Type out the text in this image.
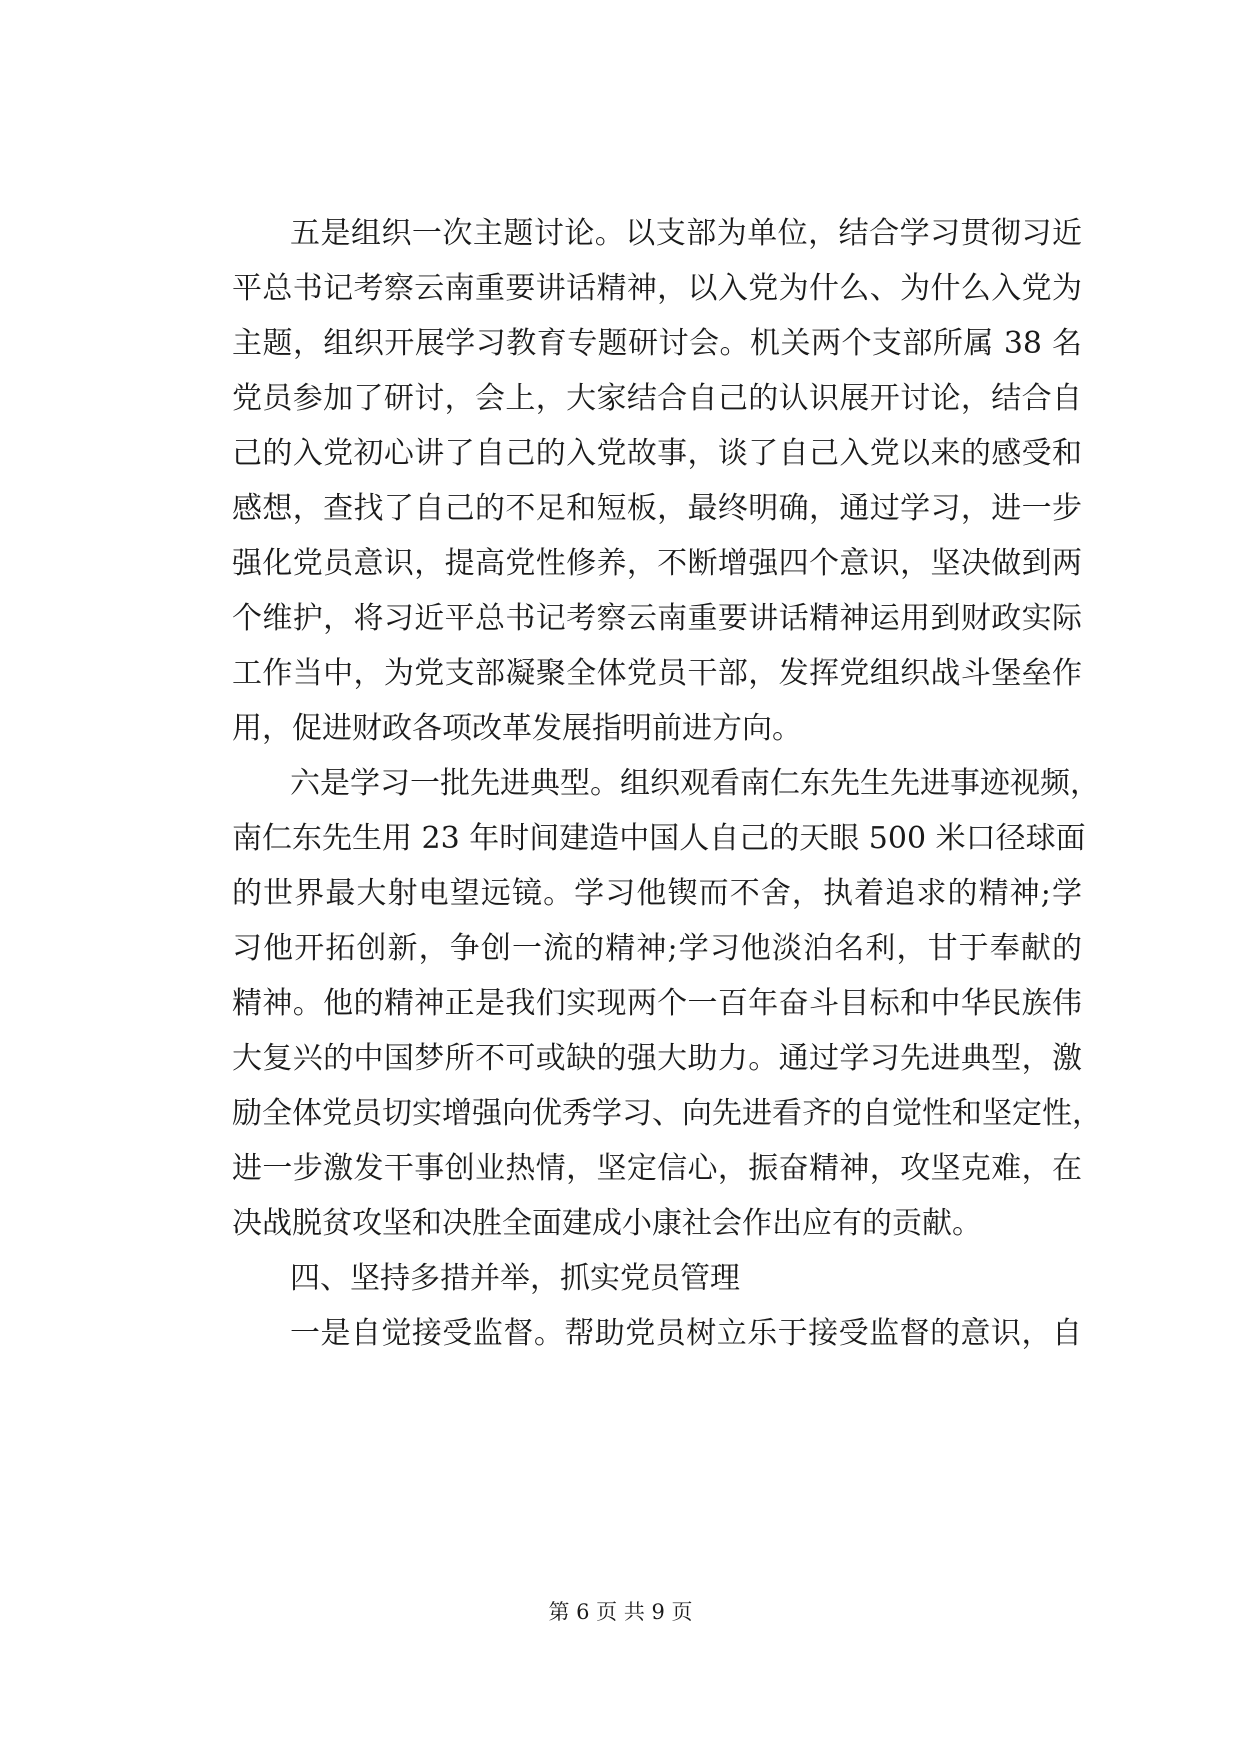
五是组织一次主题讨论。以支部为单位，结合学习贯彻习近
平总书记考察云南重要讲话精神，以入党为什么、为什么入党为
主题，组织开展学习教育专题研讨会。机关两个支部所属 38 名
党员参加了研讨，会上，大家结合自己的认识展开讨论，结合自
己的入党初心讲了自己的入党故事，谈了自己入党以来的感受和
感想，查找了自己的不足和短板，最终明确，通过学习，进一步
强化党员意识，提高党性修养，不断增强四个意识，坚决做到两
个维护，将习近平总书记考察云南重要讲话精神运用到财政实际
工作当中，为党支部凝聚全体党员干部，发挥党组织战斗堡垒作
用，促进财政各项改革发展指明前进方向。
六是学习一批先进典型。组织观看南仁东先生先进事迹视频，
南仁东先生用 23 年时间建造中国人自己的天眼 500 米口径球面
的世界最大射电望远镜。学习他锲而不舍，执着追求的精神;学
习他开拓创新，争创一流的精神;学习他淡泊名利，甘于奉献的
精神。他的精神正是我们实现两个一百年奋斗目标和中华民族伟
大复兴的中国梦所不可或缺的强大助力。通过学习先进典型，激
励全体党员切实增强向优秀学习、向先进看齐的自觉性和坚定性，
进一步激发干事创业热情，坚定信心，振奋精神，攻坚克难，在
决战脱贫攻坚和决胜全面建成小康社会作出应有的贡献。
四、坚持多措并举，抓实党员管理
一是自觉接受监督。帮助党员树立乐于接受监督的意识，自
第 6 页 共 9 页
